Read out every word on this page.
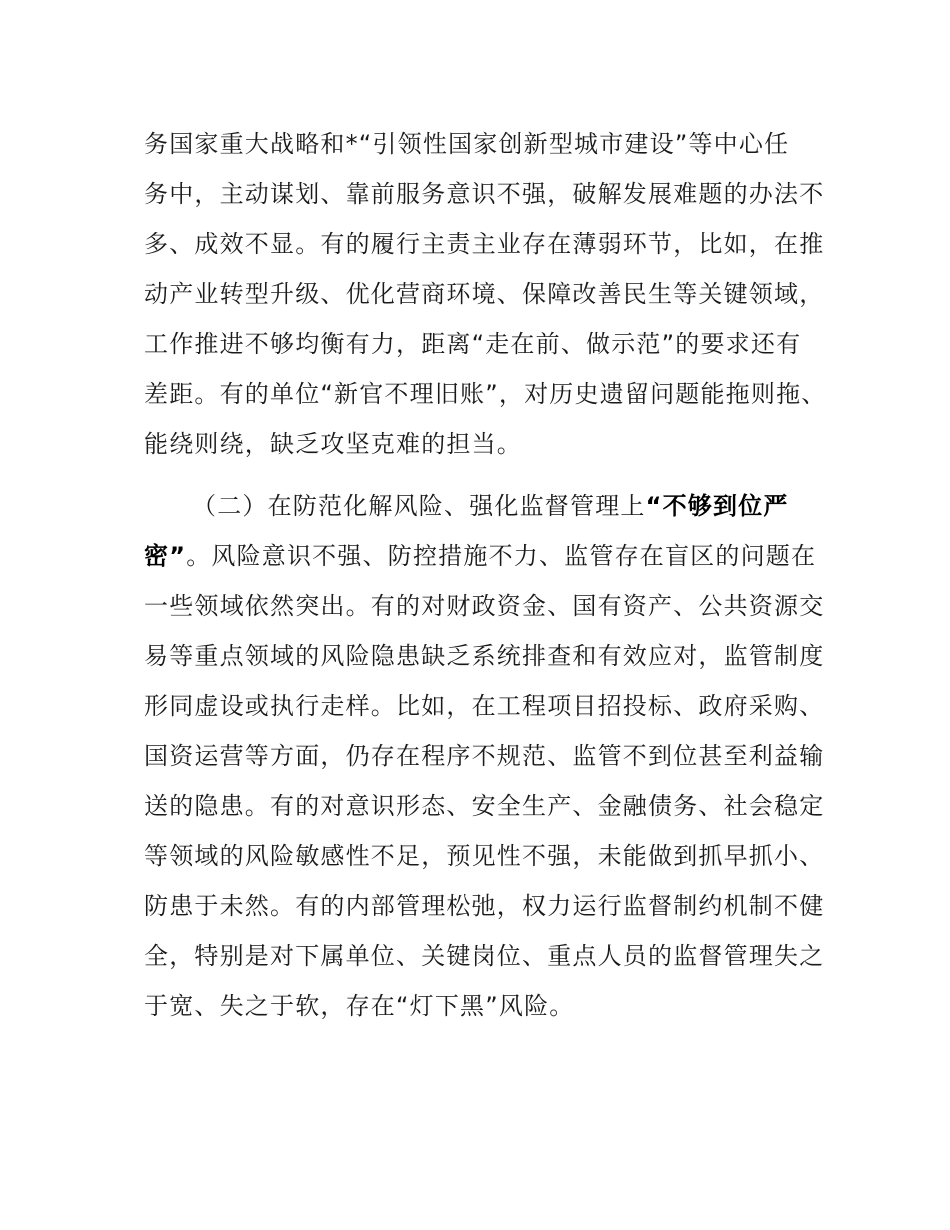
务国家重大战略和*“引领性国家创新型城市建设”等中心任
务中，主动谋划、靠前服务意识不强，破解发展难题的办法不
多、成效不显。有的履行主责主业存在薄弱环节，比如，在推
动产业转型升级、优化营商环境、保障改善民生等关键领域，
工作推进不够均衡有力，距离“走在前、做示范”的要求还有
差距。有的单位“新官不理旧账”，对历史遗留问题能拖则拖、
能绕则绕，缺乏攻坚克难的担当。
（二）在防范化解风险、强化监督管理上“不够到位严
密”。风险意识不强、防控措施不力、监管存在盲区的问题在
一些领域依然突出。有的对财政资金、国有资产、公共资源交
易等重点领域的风险隐患缺乏系统排查和有效应对，监管制度
形同虚设或执行走样。比如，在工程项目招投标、政府采购、
国资运营等方面，仍存在程序不规范、监管不到位甚至利益输
送的隐患。有的对意识形态、安全生产、金融债务、社会稳定
等领域的风险敏感性不足，预见性不强，未能做到抓早抓小、
防患于未然。有的内部管理松弛，权力运行监督制约机制不健
全，特别是对下属单位、关键岗位、重点人员的监督管理失之
于宽、失之于软，存在“灯下黑”风险。
